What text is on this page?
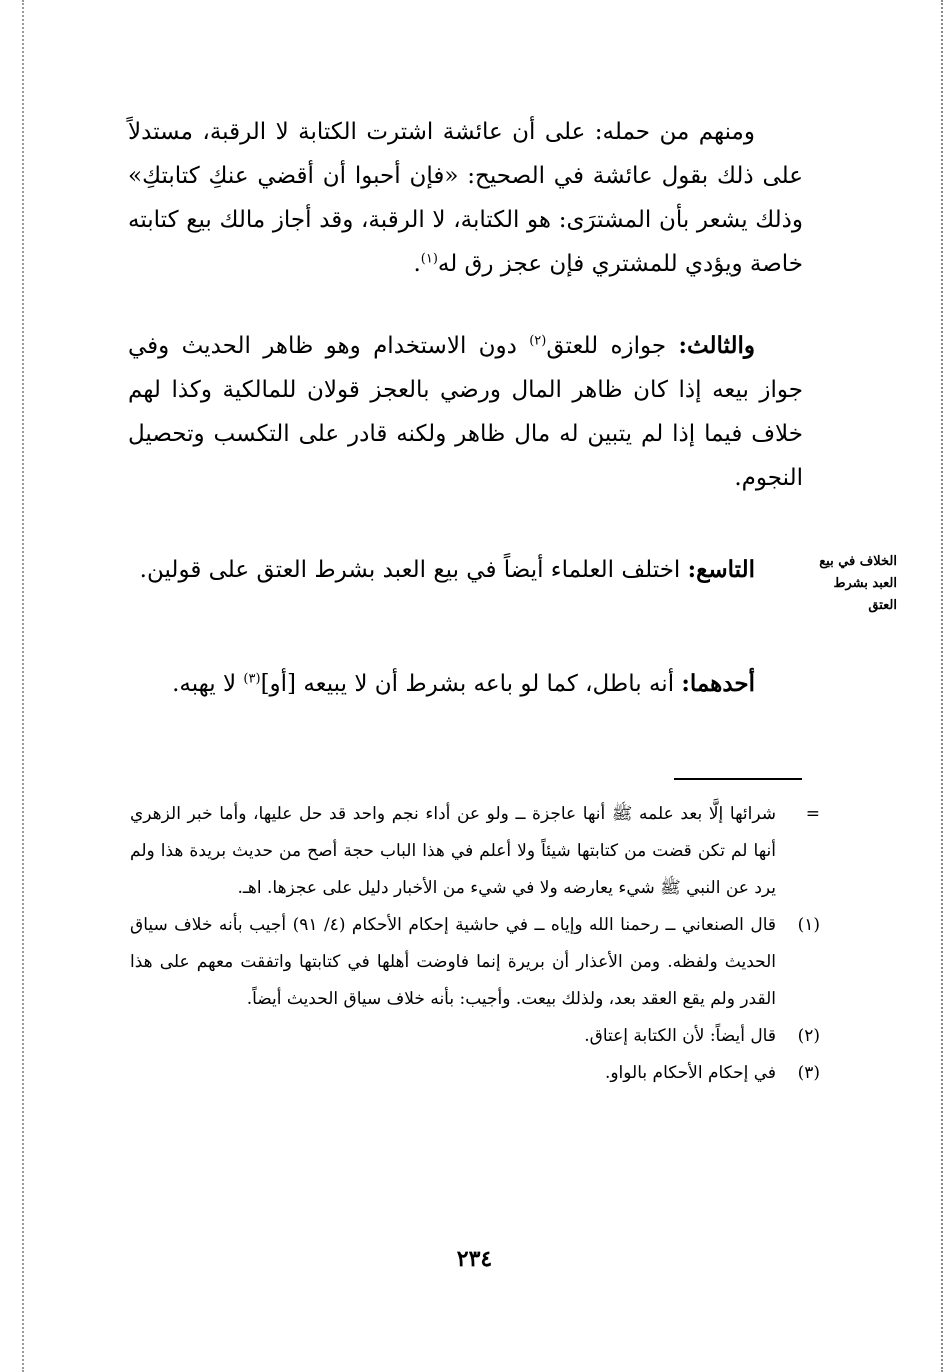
ومنهم من حمله: على أن عائشة اشترت الكتابة لا الرقبة، مستدلاً على ذلك بقول عائشة في الصحيح: «فإن أحبوا أن أقضي عنكِ كتابتكِ» وذلك يشعر بأن المشترَى: هو الكتابة، لا الرقبة، وقد أجاز مالك بيع كتابته خاصة ويؤدي للمشتري فإن عجز رق له$^{(١)}$.
والثالث: جوازه للعتق$^{(٢)}$ دون الاستخدام وهو ظاهر الحديث وفي جواز بيعه إذا كان ظاهر المال ورضي بالعجز قولان للمالكية وكذا لهم خلاف فيما إذا لم يتبين له مال ظاهر ولكنه قادر على التكسب وتحصيل النجوم.
التاسع: اختلف العلماء أيضاً في بيع العبد بشرط العتق على قولين.	الخلاف في بيع
العبد بشرط
العتق
أحدهما: أنه باطل، كما لو باعه بشرط أن لا يبيعه [أو]$^{(٣)}$ لا يهبه.
=
شرائها إلَّا بعد علمه ﷺ أنها عاجزة ــ ولو عن أداء نجم واحد قد حل عليها، وأما خبر الزهري أنها لم تكن قضت من كتابتها شيئاً ولا أعلم في هذا الباب حجة أصح من حديث بريدة هذا ولم يرد عن النبي ﷺ شيء يعارضه ولا في شيء من الأخبار دليل على عجزها. اهـ.
(١)
قال الصنعاني ــ رحمنا الله وإياه ــ في حاشية إحكام الأحكام (٤/ ٩١) أجيب بأنه خلاف سياق الحديث ولفظه. ومن الأعذار أن بريرة إنما فاوضت أهلها في كتابتها واتفقت معهم على هذا القدر ولم يقع العقد بعد، ولذلك بيعت. وأجيب: بأنه خلاف سياق الحديث أيضاً.
(٢)
قال أيضاً: لأن الكتابة إعتاق.
(٣)
في إحكام الأحكام بالواو.
٢٣٤
